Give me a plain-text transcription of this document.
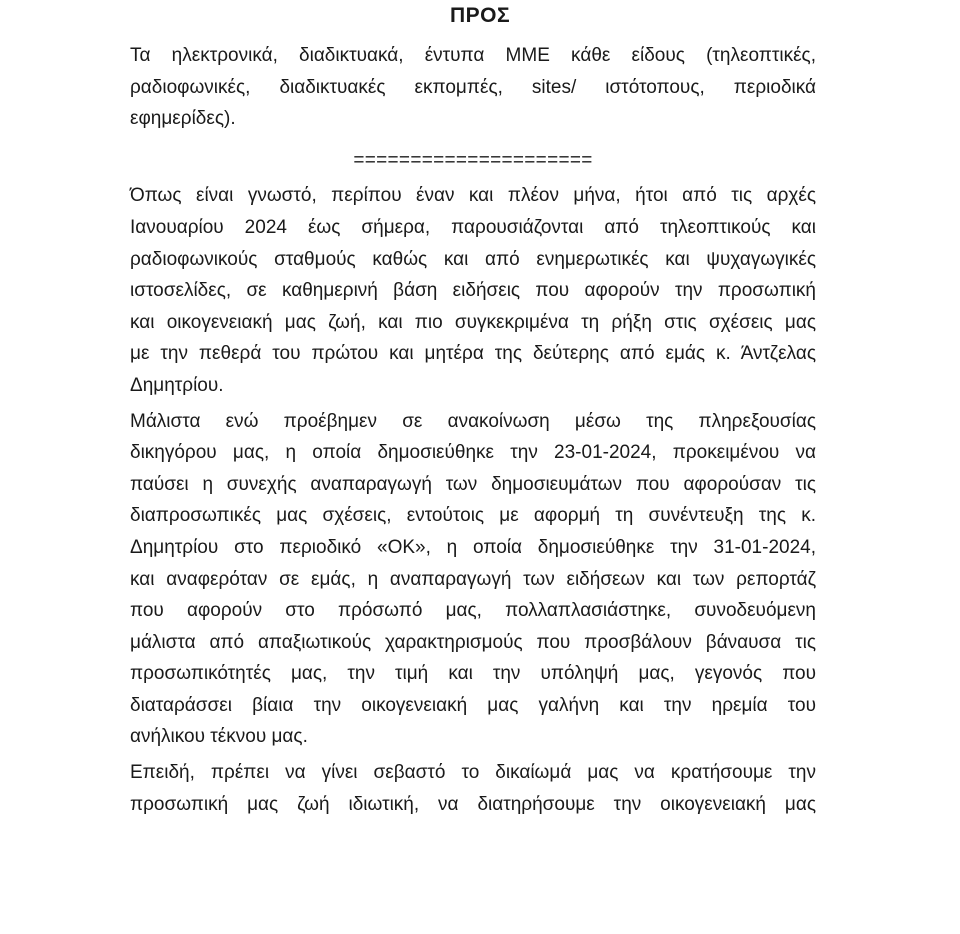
ΠΡΟΣ
Τα ηλεκτρονικά, διαδικτυακά, έντυπα ΜΜΕ κάθε είδους (τηλεοπτικές,
ραδιοφωνικές, διαδικτυακές εκπομπές, sites/ ιστότοπους, περιοδικά
εφημερίδες).
=====================
Όπως είναι γνωστό, περίπου έναν και πλέον μήνα, ήτοι από τις αρχές
Ιανουαρίου 2024 έως σήμερα, παρουσιάζονται από τηλεοπτικούς και
ραδιοφωνικούς σταθμούς καθώς και από ενημερωτικές και ψυχαγωγικές
ιστοσελίδες, σε καθημερινή βάση ειδήσεις που αφορούν την προσωπική
και οικογενειακή μας ζωή, και πιο συγκεκριμένα τη ρήξη στις σχέσεις μας
με την πεθερά του πρώτου και μητέρα της δεύτερης από εμάς κ. Άντζελας
Δημητρίου.
Μάλιστα ενώ προέβημεν σε ανακοίνωση μέσω της πληρεξουσίας
δικηγόρου μας, η οποία δημοσιεύθηκε την 23-01-2024, προκειμένου να
παύσει η συνεχής αναπαραγωγή των δημοσιευμάτων που αφορούσαν τις
διαπροσωπικές μας σχέσεις, εντούτοις με αφορμή τη συνέντευξη της κ.
Δημητρίου στο περιοδικό «ΟΚ», η οποία δημοσιεύθηκε την 31-01-2024,
και αναφερόταν σε εμάς, η αναπαραγωγή των ειδήσεων και των ρεπορτάζ
που αφορούν στο πρόσωπό μας, πολλαπλασιάστηκε, συνοδευόμενη
μάλιστα από απαξιωτικούς χαρακτηρισμούς που προσβάλουν βάναυσα τις
προσωπικότητές μας, την τιμή και την υπόληψή μας, γεγονός που
διαταράσσει βίαια την οικογενειακή μας γαλήνη και την ηρεμία του
ανήλικου τέκνου μας.
Επειδή, πρέπει να γίνει σεβαστό το δικαίωμά μας να κρατήσουμε την
προσωπική μας ζωή ιδιωτική, να διατηρήσουμε την οικογενειακή μας
